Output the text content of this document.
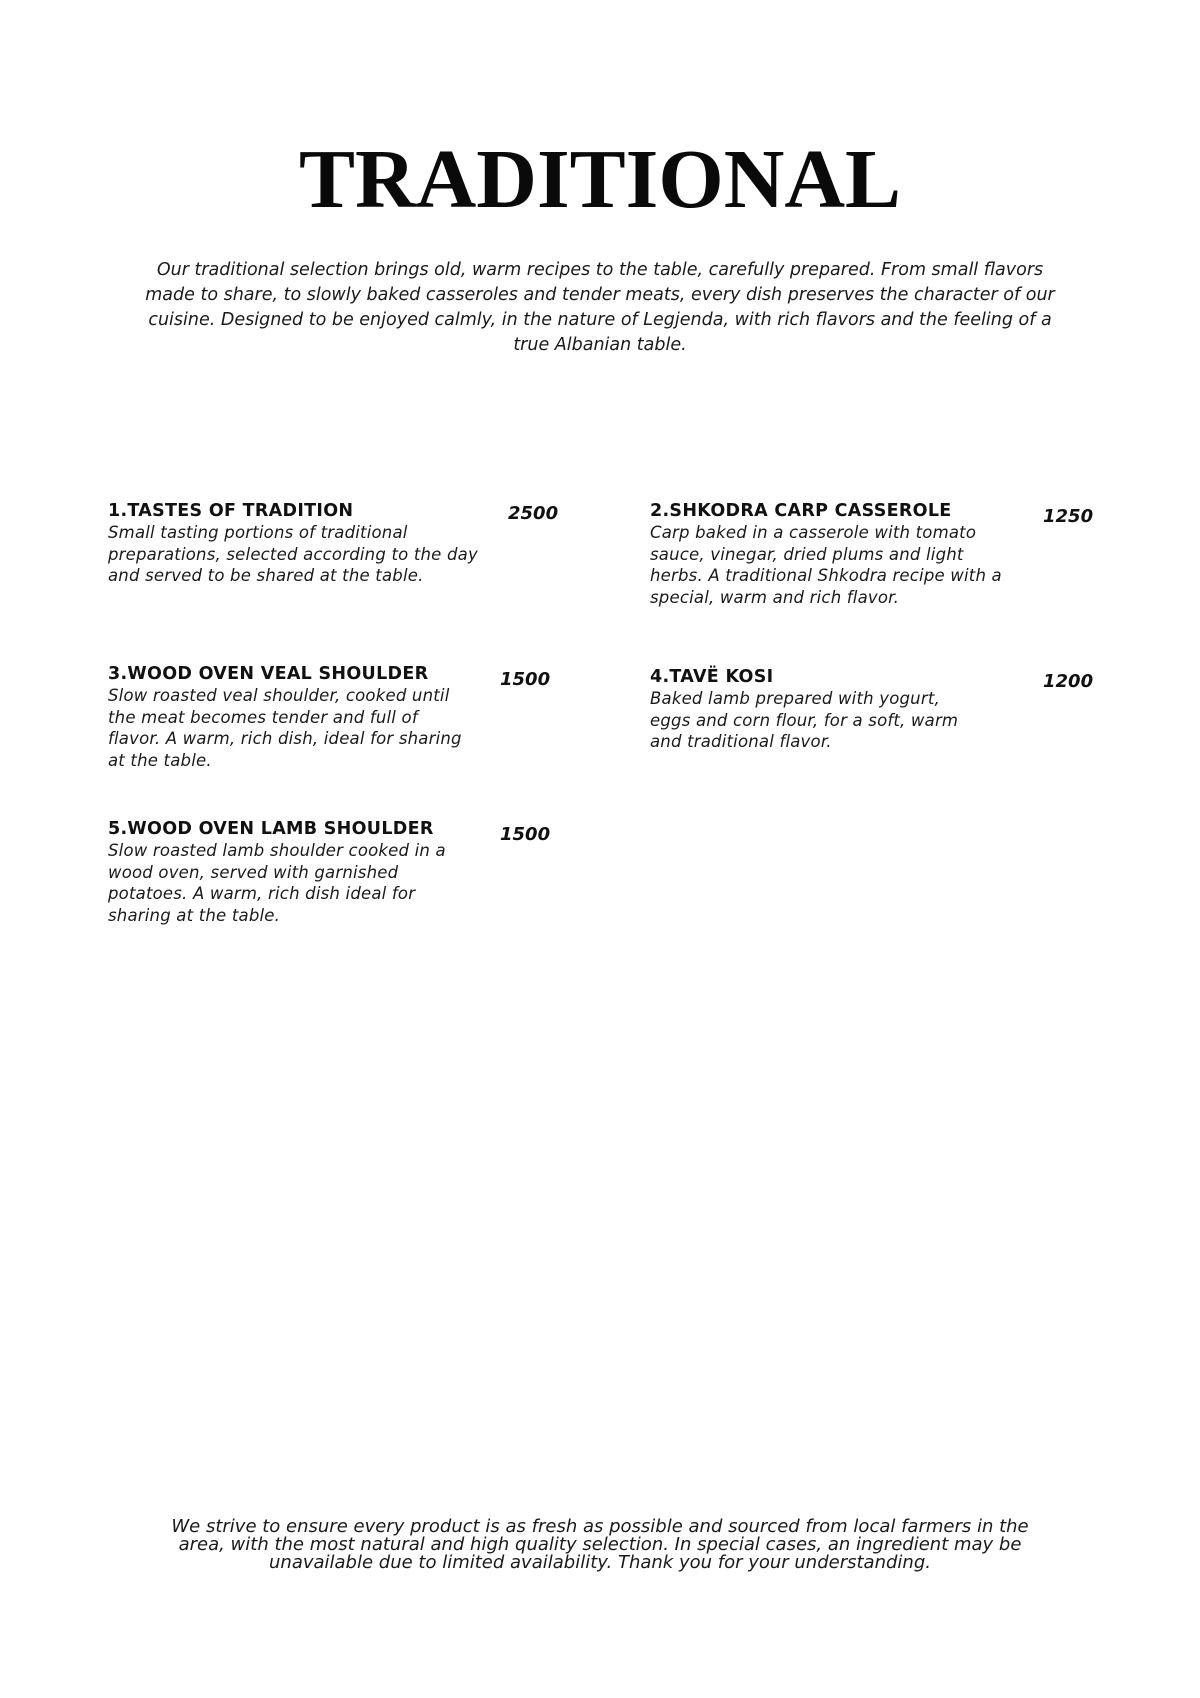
TRADITIONAL
Our traditional selection brings old, warm recipes to the table, carefully prepared. From small flavors made to share, to slowly baked casseroles and tender meats, every dish preserves the character of our cuisine. Designed to be enjoyed calmly, in the nature of Legjenda, with rich flavors and the feeling of a true Albanian table.
1.TASTES OF TRADITION
Small tasting portions of traditional preparations, selected according to the day and served to be shared at the table.
2500	2.SHKODRA CARP CASSEROLE
Carp baked in a casserole with tomato sauce, vinegar, dried plums and light herbs. A traditional Shkodra recipe with a special, warm and rich flavor.
1250
3.WOOD OVEN VEAL SHOULDER
Slow roasted veal shoulder, cooked until the meat becomes tender and full of flavor. A warm, rich dish, ideal for sharing at the table.
1500	4.TAVË KOSI
Baked lamb prepared with yogurt, eggs and corn flour, for a soft, warm and traditional flavor.
1200
5.WOOD OVEN LAMB SHOULDER
Slow roasted lamb shoulder cooked in a wood oven, served with garnished potatoes. A warm, rich dish ideal for sharing at the table.
1500
We strive to ensure every product is as fresh as possible and sourced from local farmers in the area, with the most natural and high quality selection. In special cases, an ingredient may be unavailable due to limited availability. Thank you for your understanding.
